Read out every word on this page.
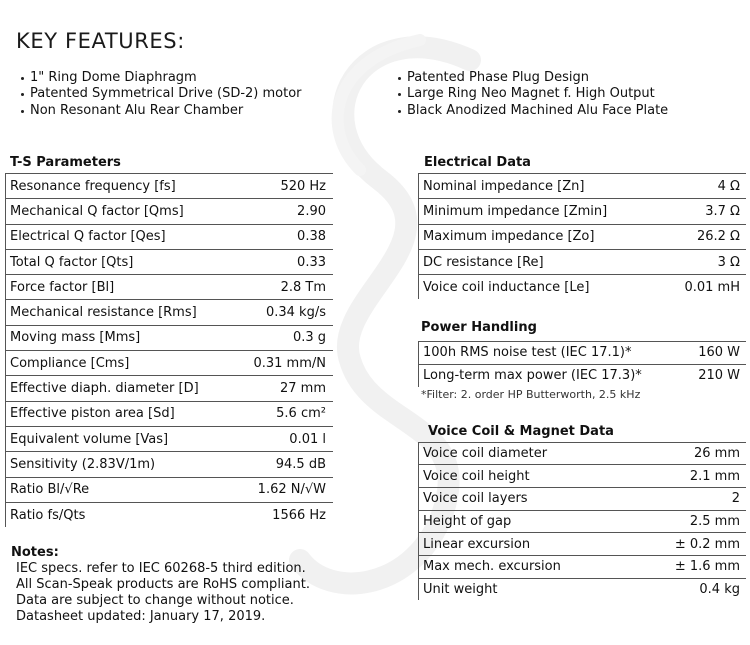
KEY FEATURES:
1" Ring Dome Diaphragm
Patented Symmetrical Drive (SD-2) motor
Non Resonant Alu Rear Chamber
Patented Phase Plug Design
Large Ring Neo Magnet f. High Output
Black Anodized Machined Alu Face Plate
T-S Parameters
Resonance frequency [fs]	520 Hz
Mechanical Q factor [Qms]	2.90
Electrical Q factor [Qes]	0.38
Total Q factor [Qts]	0.33
Force factor [Bl]	2.8 Tm
Mechanical resistance [Rms]	0.34 kg/s
Moving mass [Mms]	0.3 g
Compliance [Cms]	0.31 mm/N
Effective diaph. diameter [D]	27 mm
Effective piston area [Sd]	5.6 cm²
Equivalent volume [Vas]	0.01 l
Sensitivity (2.83V/1m)	94.5 dB
Ratio Bl/√Re	1.62 N/√W
Ratio fs/Qts	1566 Hz
Electrical Data
Nominal impedance [Zn]	4 Ω
Minimum impedance [Zmin]	3.7 Ω
Maximum impedance [Zo]	26.2 Ω
DC resistance [Re]	3 Ω
Voice coil inductance [Le]	0.01 mH
Power Handling
100h RMS noise test (IEC 17.1)*	160 W
Long-term max power (IEC 17.3)*	210 W
*Filter: 2. order HP Butterworth, 2.5 kHz
Voice Coil & Magnet Data
Voice coil diameter	26 mm
Voice coil height	2.1 mm
Voice coil layers	2
Height of gap	2.5 mm
Linear excursion	± 0.2 mm
Max mech. excursion	± 1.6 mm
Unit weight	0.4 kg
Notes:
IEC specs. refer to IEC 60268-5 third edition.
All Scan-Speak products are RoHS compliant.
Data are subject to change without notice.
Datasheet updated: January 17, 2019.
